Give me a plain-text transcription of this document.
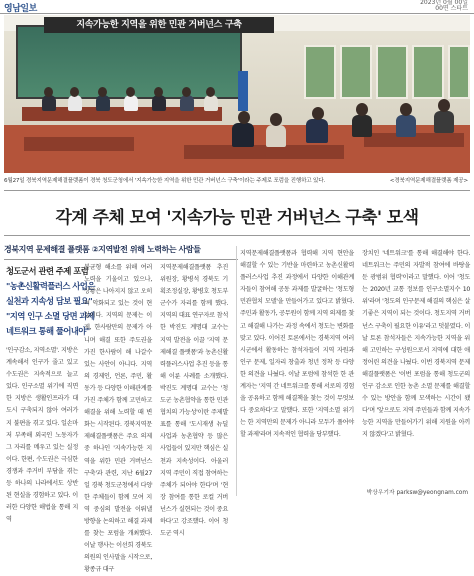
영남일보
2023년 0월 00일
00면 스타트
지속가능한 지역을 위한 민관 거버넌스 구축
6월27일 경북지역문제해결플랫폼이 경북 청도군청에서 '지속가능한 지역을 위한 민관 거버넌스 구축'이라는 주제로 포럼을 진행하고 있다.	<경북지역문제해결플랫폼 제공>
각계 주체 모여 '지속가능 민관 거버넌스 구축' 모색
경북지역 문제해결 플랫폼 ②지역발전 위해 노력하는 사람들
청도군서 관련 주제 포럼
"농촌신활력플러스 사업은
실천과 지속성 담보 필요"
"지역 인구 소멸 당면 과제
네트워크 통해 풀어내야"

'인구감소, 지역소멸'. 지방은 계속해서 인구가 줄고 있고 수도권은 지속적으로 늘고 있다. 인구소멸 위기에 직면한 지방은 생활인프라가 대도시 구축되지 않아 여러가지 불편을 겪고 있다. 일손마저 부족해 외국인 노동자가 그 자리를 메우고 있는 실정이다. 한편, 수도권은 극심한 경쟁과 주거비 부담을 겪는 등 하나의 나라에서도 상반된 현실을 경험하고 있다. 이러한 다양한 해법을 통해 지역

불균형 해소를 위해 여러 노력을 기울이고 있으나, 상황은 나아지지 않고 오히려 악화되고 있는 것이 현실이다. 지역의 문제는 이제, 한사람만의 문제가 아니며 해결 또한 주도권을 가진 한사람이 해 나갈수 있는 사안이 아니다. 지역의 경제인, 언론, 주민, 활동가 등 다양한 이해관계를 가진 주체가 함께 고민하고 해결을 위해 노력할 때 변화는 시작된다. 경북지역문제해결플랫폼은 주요 의제 중 하나인 '지속가능한 지역을 위한 민관 거버넌스 구축'과 관련, 지난 6월27일 경북 청도군청에서 다양한 주체들이 함께 모여 지역 중심의 발전을 이뤄낼 방향을 논의하고 해결 과제를 찾는 포럼을 개최했다. 이날 행사는 이선희 경북도의원의 인사말을 시작으로, 황종규 대구

지역문제해결플랫폼 추진위원장, 황병석 경북도 기획조정실장, 황병호 청도부군수가 자리를 함께 했다. 지역의 대표 연구자로 참석한 박진도 계명대 교수는 지역 발전을 이끌 '지역 문제해결 플랫폼'과 농촌신활력플러스사업 추진 등을 통해 이룬 사례를 소개했다. 박진도 계명대 교수는 '청도군 농촌협약을 통한 민관협치의 가능성'이란 주제발표를 통해 '도시재생 뉴딜사업과 농촌협약 등 많은 사업들이 있지만 핵심은 실천과 지속성이다. 아울러 지역 주민이 직접 참여하는 주체가 되어야 한다'며 '현장 참여를 통한 로컬 거버넌스가 실현되는 것이 중요하다'고 강조했다. 이어 청도군 역시

지역문제해결플랫폼과 협력해 지역 현안을 해결할 수 있는 기반을 마련하고 농촌신활력플러스사업 추진 과정에서 다양한 이해관계자들이 참여해 공동 과제를 발굴하는 '청도형 민관협치 모델'을 만들어가고 있다고 밝혔다. 주민과 활동가, 공무원이 함께 지역 의제를 찾고 해결해 나가는 과정 속에서 청도는 변화를 맞고 있다. 이어진 토론에서는 경북지역 여러 시군에서 활동하는 참석자들이 지역 자원과 인구 문제, 일자리 창출과 청년 정착 등 다양한 의견을 나눴다. 이날 포럼에 참석한 한 관계자는 '지역 간 네트워크를 통해 서로의 경험을 공유하고 함께 해결책을 찾는 것이 무엇보다 중요하다'고 말했다. 또한 '지역소멸 위기는 한 지역만의 문제가 아니라 모두가 풀어야 할 과제'라며 지속적인 협력을 당부했다.

장치인 '네트워크'를 통해 해결해야 한다. 네트워크는 주민의 자발적 참여에 바탕을 둔 광범위 협력'이라고 말했다. 이어 '청도는 2020년 교통 정보를 인구소멸지수 10위'라며 '청도의 인구문제 해결의 핵심은 살기좋은 지역이 되는 것이다. 청도지역 거버넌스 구축이 필요한 이유'라고 덧붙였다. 이날 토론 참석자들은 지속가능한 지역을 위해 고민하는 구성원으로서 지역에 대한 애정어린 의견을 나눴다. 이번 경북지역 문제해결플랫폼은 '이번 포럼을 통해 청도군의 인구 감소로 인한 농촌 소멸 문제를 해결할 수 있는 방안을 함께 모색하는 시간이 됐다'며 '앞으로도 지역 주민들과 함께 지속가능한 지역을 만들어가기 위해 지원을 아끼지 않겠다'고 밝혔다.

박상우기자 parksw@yeongnam.com
